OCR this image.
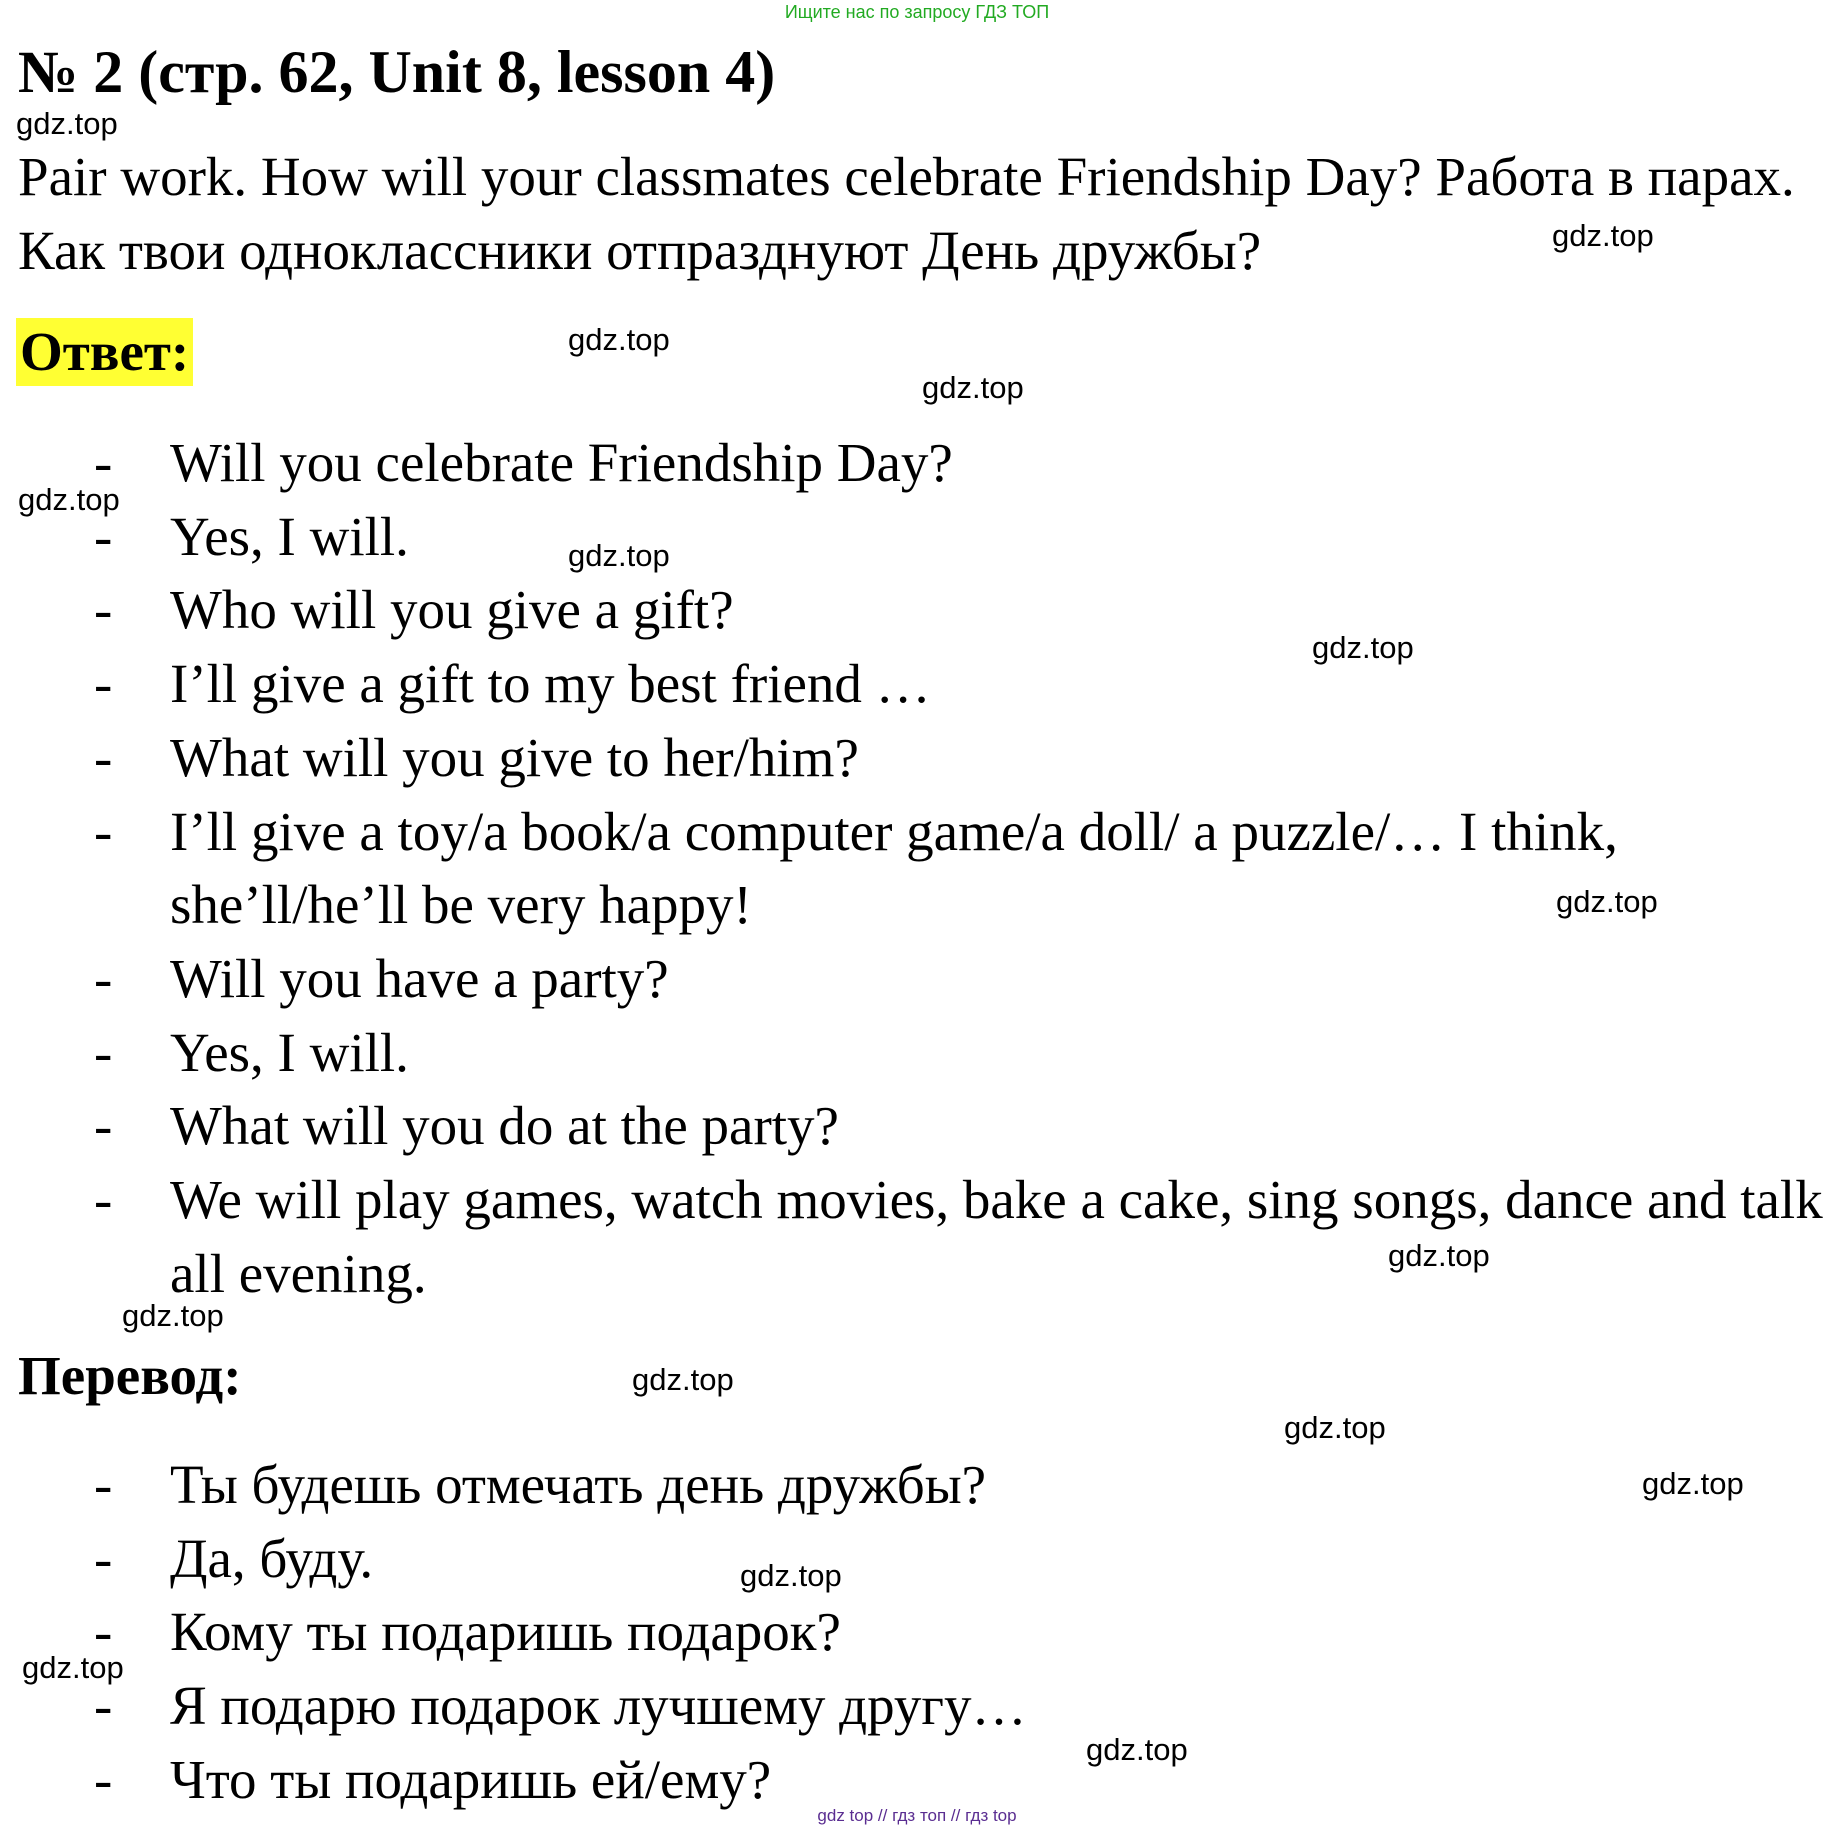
Ищите нас по запросу ГДЗ ТОП
№ 2 (стр. 62, Unit 8, lesson 4)
Pair work. How will your classmates celebrate Friendship Day? Работа в парах. Как твои одноклассники отпразднуют День дружбы?
Ответ:
- Will you celebrate Friendship Day?
- Yes, I will.
- Who will you give a gift?
- I’ll give a gift to my best friend …
- What will you give to her/him?
- I’ll give a toy/a book/a computer game/a doll/ a puzzle/… I think, she’ll/he’ll be very happy!
- Will you have a party?
- Yes, I will.
- What will you do at the party?
- We will play games, watch movies, bake a cake, sing songs, dance and talk all evening.
Перевод:
- Ты будешь отмечать день дружбы?
- Да, буду.
- Кому ты подаришь подарок?
- Я подарю подарок лучшему другу…
- Что ты подаришь ей/ему?
gdz.top
gdz.top
gdz.top
gdz.top
gdz.top
gdz.top
gdz.top
gdz.top
gdz.top
gdz.top
gdz.top
gdz.top
gdz.top
gdz.top
gdz.top
gdz.top
gdz top // гдз топ // гдз top
